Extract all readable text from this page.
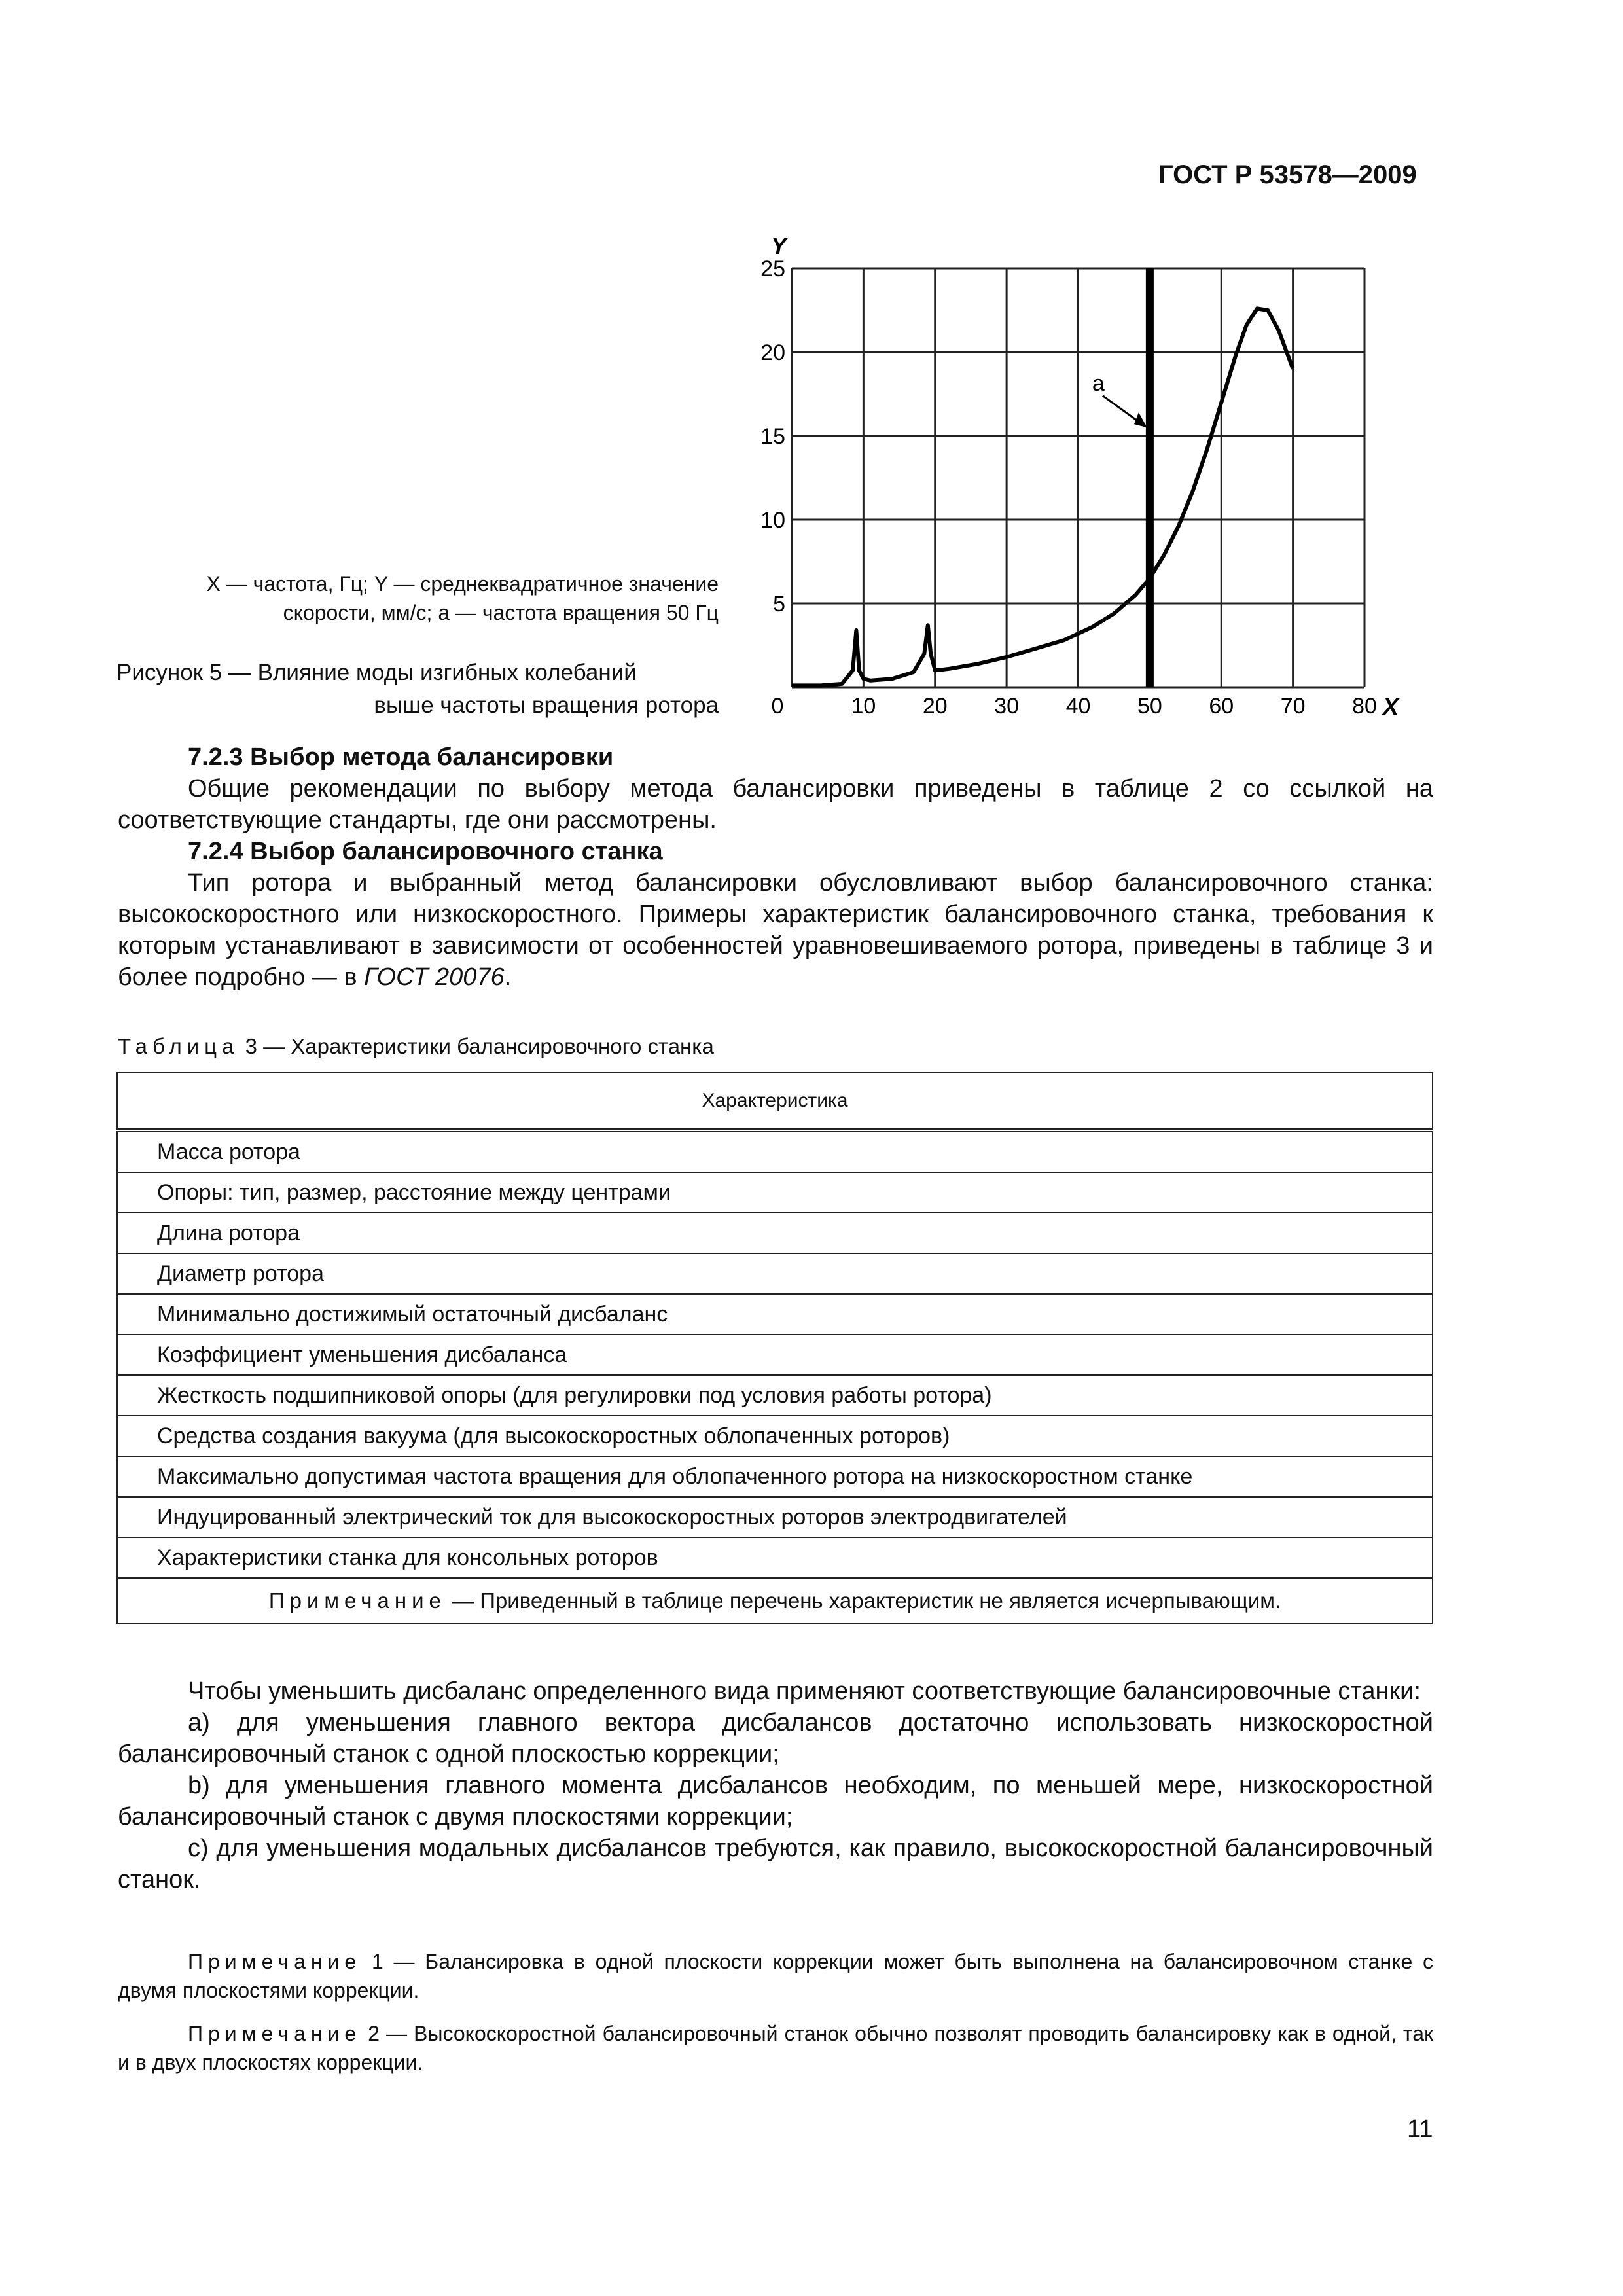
ГОСТ Р 53578—2009
a
0	10 20 30 40 50 60 70 80
5
10
15
20
25
Y
X
X — частота, Гц; Y — среднеквадратичное значение скорости, мм/с; a — частота вращения 50 Гц
Рисунок 5 — Влияние моды изгибных колебаний
выше частоты вращения ротора

7.2.3 Выбор метода балансировки

Общие рекомендации по выбору метода балансировки приведены в таблице 2 со ссылкой на соответствующие стандарты, где они рассмотрены.

7.2.4 Выбор балансировочного станка

Тип ротора и выбранный метод балансировки обусловливают выбор балансировочного станка: высокоскоростного или низкоскоростного. Примеры характеристик балансировочного станка, требования к которым устанавливают в зависимости от особенностей уравновешиваемого ротора, приведены в таблице 3 и более подробно — в ГОСТ 20076.

Таблица 3 — Характеристики балансировочного станка
Характеристика
Масса ротора
Опоры: тип, размер, расстояние между центрами
Длина ротора
Диаметр ротора
Минимально достижимый остаточный дисбаланс
Коэффициент уменьшения дисбаланса
Жесткость подшипниковой опоры (для регулировки под условия работы ротора)
Средства создания вакуума (для высокоскоростных облопаченных роторов)
Максимально допустимая частота вращения для облопаченного ротора на низкоскоростном станке
Индуцированный электрический ток для высокоскоростных роторов электродвигателей
Характеристики станка для консольных роторов
Примечание — Приведенный в таблице перечень характеристик не является исчерпывающим.

Чтобы уменьшить дисбаланс определенного вида применяют соответствующие балансировочные станки:

а) для уменьшения главного вектора дисбалансов достаточно использовать низкоскоростной балансировочный станок с одной плоскостью коррекции;

b) для уменьшения главного момента дисбалансов необходим, по меньшей мере, низкоскоростной балансировочный станок с двумя плоскостями коррекции;

c) для уменьшения модальных дисбалансов требуются, как правило, высокоскоростной балансировочный станок.

Примечание 1 — Балансировка в одной плоскости коррекции может быть выполнена на балансировочном станке с двумя плоскостями коррекции.

Примечание 2 — Высокоскоростной балансировочный станок обычно позволят проводить балансировку как в одной, так и в двух плоскостях коррекции.

11
